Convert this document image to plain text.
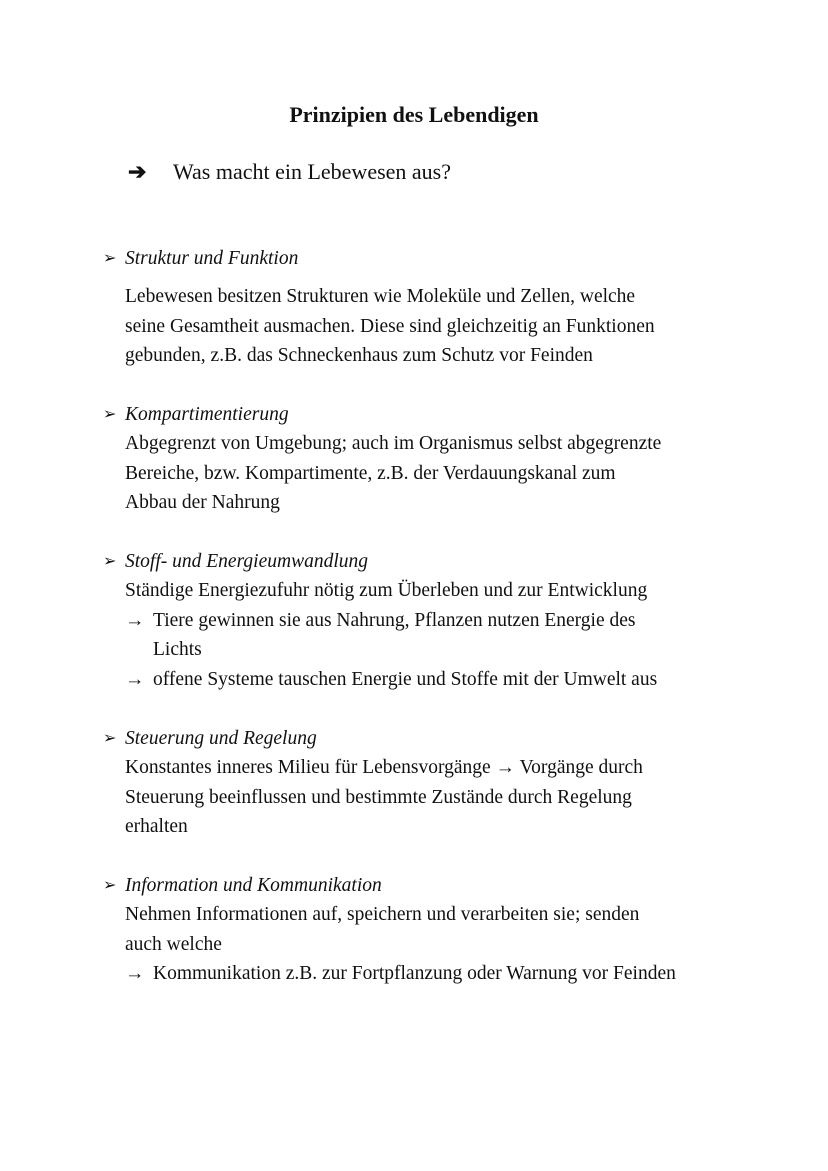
Prinzipien des Lebendigen
➔ Was macht ein Lebewesen aus?
➢ Struktur und Funktion
Lebewesen besitzen Strukturen wie Moleküle und Zellen, welche
seine Gesamtheit ausmachen. Diese sind gleichzeitig an Funktionen
gebunden, z.B. das Schneckenhaus zum Schutz vor Feinden
➢ Kompartimentierung
Abgegrenzt von Umgebung; auch im Organismus selbst abgegrenzte
Bereiche, bzw. Kompartimente, z.B. der Verdauungskanal zum
Abbau der Nahrung
➢ Stoff- und Energieumwandlung
Ständige Energiezufuhr nötig zum Überleben und zur Entwicklung
→ Tiere gewinnen sie aus Nahrung, Pflanzen nutzen Energie des
Lichts
→ offene Systeme tauschen Energie und Stoffe mit der Umwelt aus
➢ Steuerung und Regelung
Konstantes inneres Milieu für Lebensvorgänge → Vorgänge durch
Steuerung beeinflussen und bestimmte Zustände durch Regelung
erhalten
➢ Information und Kommunikation
Nehmen Informationen auf, speichern und verarbeiten sie; senden
auch welche
→ Kommunikation z.B. zur Fortpflanzung oder Warnung vor Feinden
